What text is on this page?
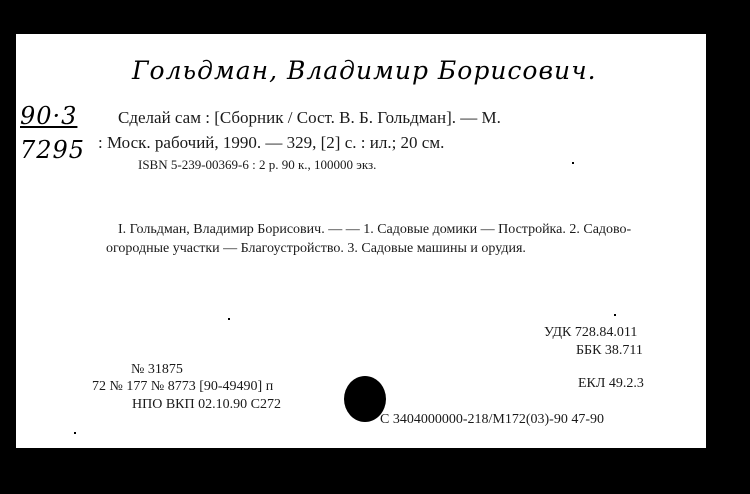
Гольдман, Владимир Борисович.
90·3
7295
Сделай сам : [Сборник / Сост. В. Б. Гольдман]. — М.
: Моск. рабочий, 1990. — 329, [2] с. : ил.; 20 см.
ISBN 5-239-00369-6 : 2 р. 90 к., 100000 экз.
I. Гольдман, Владимир Борисович. — — 1. Садовые домики — Постройка. 2. Садово-огородные участки — Благоустройство. 3. Садовые машины и орудия.
УДК 728.84.011
ББК 38.711
ЕКЛ 49.2.3
№ 31875
72 № 177 № 8773 [90-49490] п
НПО ВКП 02.10.90 С272
С 3404000000-218/М172(03)-90 47-90
